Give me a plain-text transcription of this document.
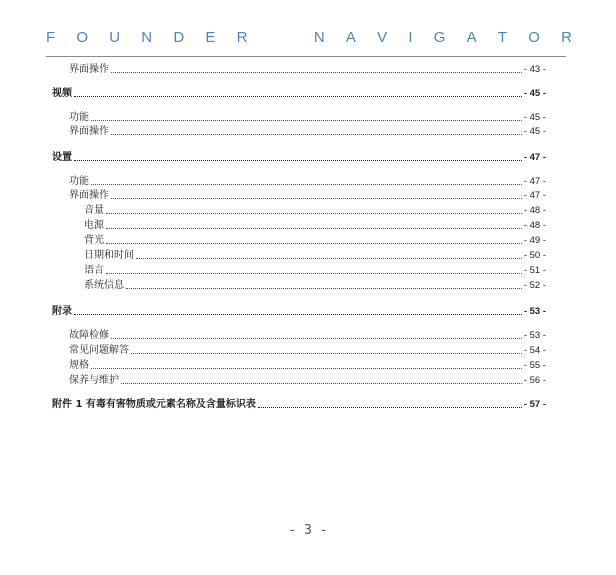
F O U N D E R	N A V I G A T O R
界面操作	- 43 -
视频	- 45 -
功能	- 45 -
界面操作	- 45 -
设置	- 47 -
功能	- 47 -
界面操作	- 47 -
音量	- 48 -
电源	- 48 -
背光	- 49 -
日期和时间	- 50 -
语言	- 51 -
系统信息	- 52 -
附录	- 53 -
故障检修	- 53 -
常见问题解答	- 54 -
规格	- 55 -
保养与维护	- 56 -
附件 1 有毒有害物质或元素名称及含量标识表	- 57 -
- 3 -
